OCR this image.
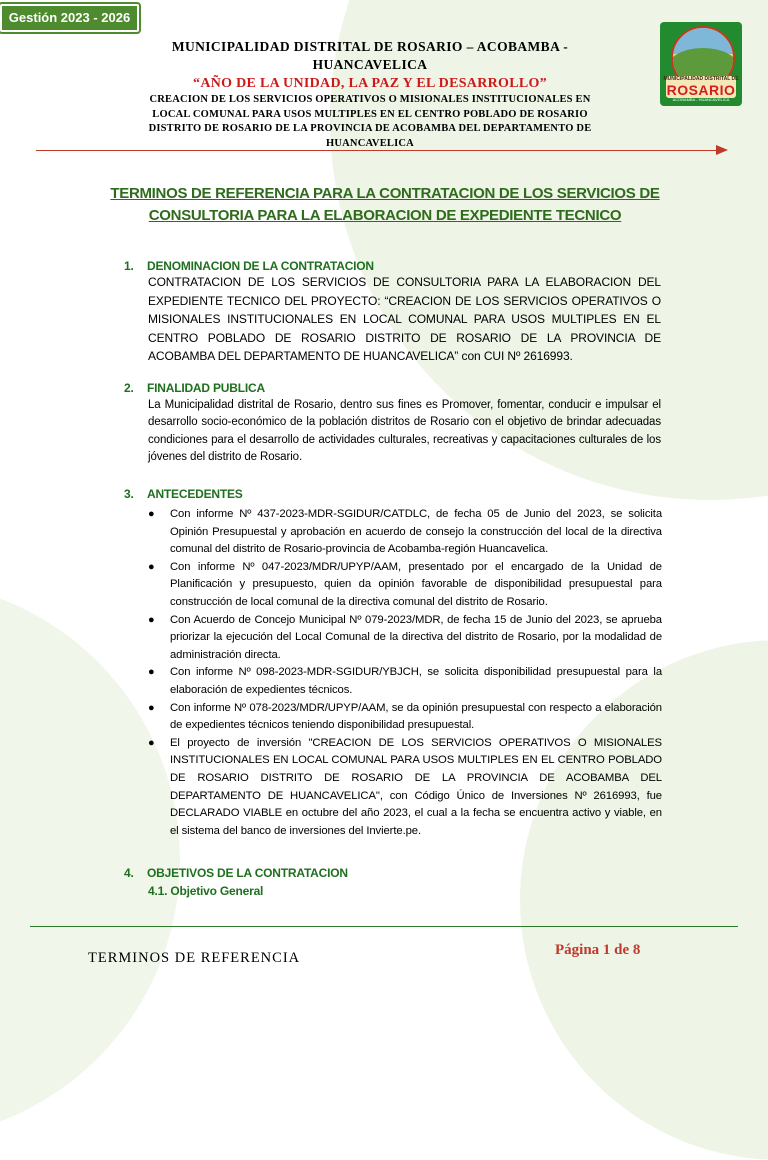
Gestión 2023 - 2026
MUNICIPALIDAD DISTRITAL DE ROSARIO – ACOBAMBA -
HUANCAVELICA
“AÑO DE LA UNIDAD, LA PAZ Y EL DESARROLLO”
CREACION DE LOS SERVICIOS OPERATIVOS O MISIONALES INSTITUCIONALES EN
LOCAL COMUNAL PARA USOS MULTIPLES EN EL CENTRO POBLADO DE ROSARIO
DISTRITO DE ROSARIO DE LA PROVINCIA DE ACOBAMBA DEL DEPARTAMENTO DE
HUANCAVELICA
MUNICIPALIDAD DISTRITAL DE
ROSARIO
ACOBAMBA - HUANCAVELICA
TERMINOS DE REFERENCIA PARA LA CONTRATACION DE LOS SERVICIOS DE
CONSULTORIA PARA LA ELABORACION DE EXPEDIENTE TECNICO
1. DENOMINACION DE LA CONTRATACION
CONTRATACION DE LOS SERVICIOS DE CONSULTORIA PARA LA ELABORACION DEL EXPEDIENTE TECNICO DEL PROYECTO: “CREACION DE LOS SERVICIOS OPERATIVOS O MISIONALES INSTITUCIONALES EN LOCAL COMUNAL PARA USOS MULTIPLES EN EL CENTRO POBLADO DE ROSARIO DISTRITO DE ROSARIO DE LA PROVINCIA DE ACOBAMBA DEL DEPARTAMENTO DE HUANCAVELICA” con CUI Nº 2616993.
2. FINALIDAD PUBLICA
La Municipalidad distrital de Rosario, dentro sus fines es Promover, fomentar, conducir e impulsar el desarrollo socio-económico de la población distritos de Rosario con el objetivo de brindar adecuadas condiciones para el desarrollo de actividades culturales, recreativas y capacitaciones culturales de los jóvenes del distrito de Rosario.
3. ANTECEDENTES
● Con informe Nº 437-2023-MDR-SGIDUR/CATDLC, de fecha 05 de Junio del 2023, se solicita Opinión Presupuestal y aprobación en acuerdo de consejo la construcción del local de la directiva comunal del distrito de Rosario-provincia de Acobamba-región Huancavelica.
● Con informe Nº 047-2023/MDR/UPYP/AAM, presentado por el encargado de la Unidad de Planificación y presupuesto, quien da opinión favorable de disponibilidad presupuestal para construcción de local comunal de la directiva comunal del distrito de Rosario.
● Con Acuerdo de Concejo Municipal Nº 079-2023/MDR, de fecha 15 de Junio del 2023, se aprueba priorizar la ejecución del Local Comunal de la directiva del distrito de Rosario, por la modalidad de administración directa.
● Con informe Nº 098-2023-MDR-SGIDUR/YBJCH, se solicita disponibilidad presupuestal para la elaboración de expedientes técnicos.
● Con informe Nº 078-2023/MDR/UPYP/AAM, se da opinión presupuestal con respecto a elaboración de expedientes técnicos teniendo disponibilidad presupuestal.
● El proyecto de inversión "CREACION DE LOS SERVICIOS OPERATIVOS O MISIONALES INSTITUCIONALES EN LOCAL COMUNAL PARA USOS MULTIPLES EN EL CENTRO POBLADO DE ROSARIO DISTRITO DE ROSARIO DE LA PROVINCIA DE ACOBAMBA DEL DEPARTAMENTO DE HUANCAVELICA", con Código Único de Inversiones Nº 2616993, fue DECLARADO VIABLE en octubre del año 2023, el cual a la fecha se encuentra activo y viable, en el sistema del banco de inversiones del Invierte.pe.
4. OBJETIVOS DE LA CONTRATACION
4.1. Objetivo General
TERMINOS DE REFERENCIA	Página 1 de 8
